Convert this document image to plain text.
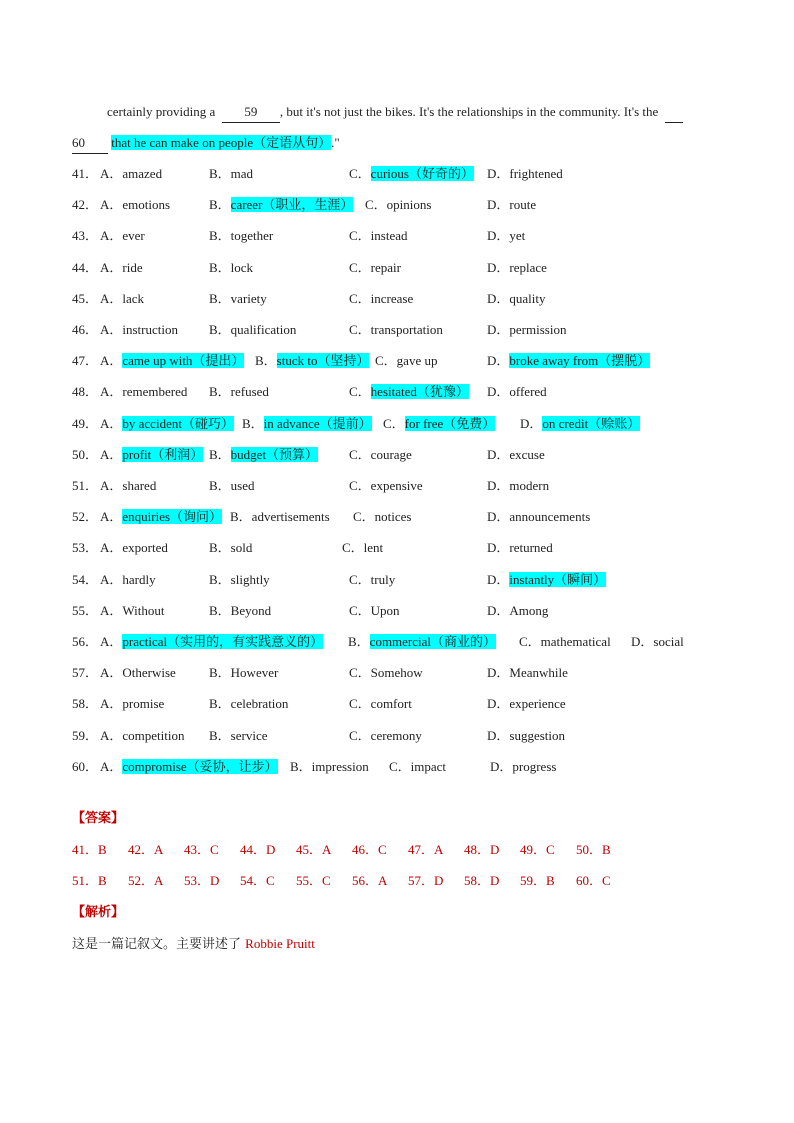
certainly providing a 59 , but it's not just the bikes. It's the relationships in the community. It's the
60 that he can make on people（定语从句）."
41． A．amazed	B．mad	C．curious（好奇的） D．frightened
42． A．emotions	B．career（职业，生涯） C．opinions	D．route
43． A．ever	B．together	C．instead	D．yet
44． A．ride	B．lock	C．repair	D．replace
45． A．lack	B．variety	C．increase	D．quality
46． A．instruction B．qualification	C．transportation	D．permission
47． A．came up with（提出） B．stuck to（坚持） C．gave up	D．broke away from（摆脱）
48． A．remembered B．refused	C．hesitated（犹豫） D．offered
49． A．by accident（碰巧） B．in advance（提前） C．for free（免费） D．on credit（赊账）
50． A．profit（利润） B．budget（预算） C．courage	D．excuse
51． A．shared	B．used	C．expensive	D．modern
52． A．enquiries（询问） B．advertisements C．notices	D．announcements
53． A．exported	B．sold	C．lent	D．returned
54． A．hardly	B．slightly	C．truly	D．instantly（瞬间）
55． A．Without	B．Beyond	C．Upon	D．Among
56． A．practical（实用的，有实践意义的） B．commercial（商业的） C．mathematical D．social
57． A．Otherwise	B．However	C．Somehow	D．Meanwhile
58． A．promise	B．celebration	C．comfort	D．experience
59． A．competition B．service	C．ceremony	D．suggestion
60． A．compromise（妥协，让步） B．impression C．impact	D．progress
【答案】
41．B 42．A 43．C 44．D 45．A 46．C 47．A 48．D 49．C 50．B
51．B 52．A 53．D 54．C 55．C 56．A 57．D 58．D 59．B 60．C
【解析】
这是一篇记叙文。主要讲述了 Robbie Pruitt
